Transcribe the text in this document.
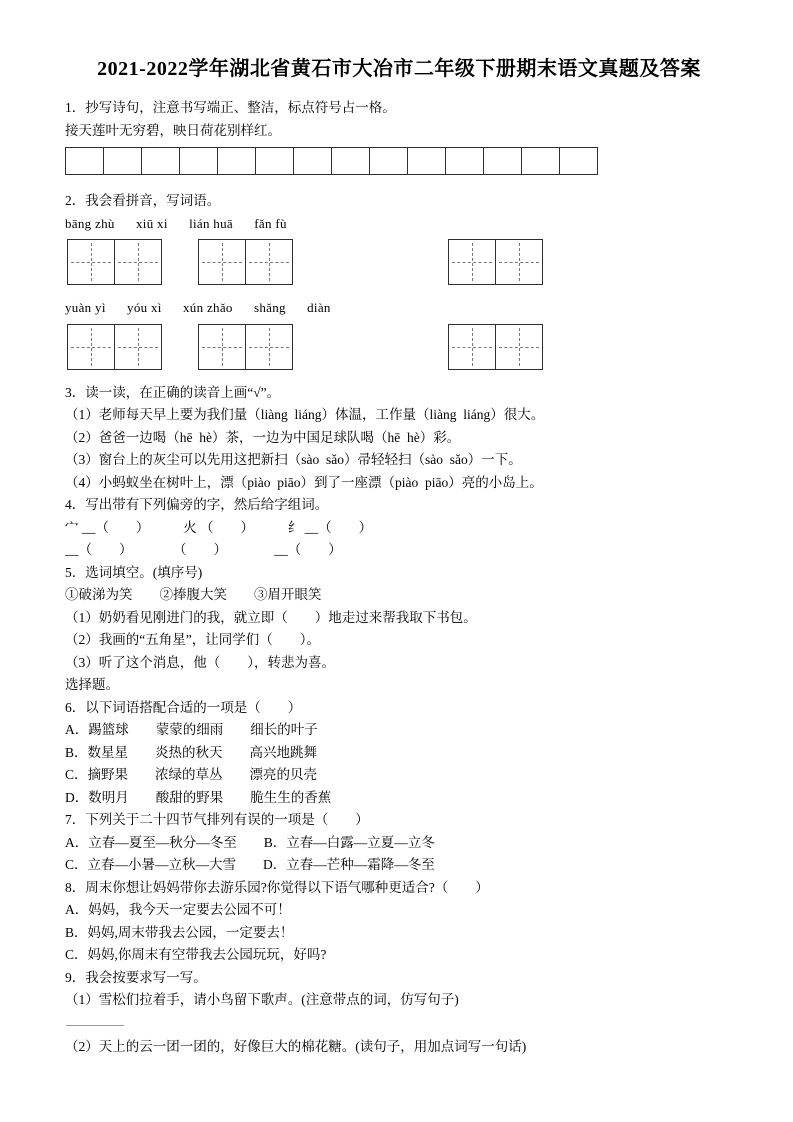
2021-2022学年湖北省黄石市大冶市二年级下册期末语文真题及答案

1．抄写诗句，注意书写端正、整洁，标点符号占一格。

接天莲叶无穷碧，映日荷花别样红。

2．我会看拼音，写词语。

bāng zhù      xiū xi      lián huā      fǎn fù

yuàn yì      yóu xì      xún zhǎo      shǎng      diàn

3．读一读，在正确的读音上画“√”。

（1）老师每天早上要为我们量（liàng  liáng）体温，工作量（liàng  liáng）很大。

（2）爸爸一边喝（hē  hè）茶，一边为中国足球队喝（hē  hè）彩。

（3）窗台上的灰尘可以先用这把新扫（sào  sǎo）帚轻轻扫（sào  sǎo）一下。

（4）小蚂蚁坐在树叶上，漂（piào  piāo）到了一座漂（piào  piāo）亮的小岛上。

4．写出带有下列偏旁的字，然后给字组词。

宀 __（　　）　　　火 （　　）　　　纟 __（　　）

__（　　）　　　　（　　）　　　　__（　　）

5．选词填空。(填序号)

①破涕为笑　　②捧腹大笑　　③眉开眼笑

（1）奶奶看见刚进门的我，就立即（　　）地走过来帮我取下书包。

（2）我画的“五角星”，让同学们（　　）。

（3）听了这个消息，他（　　），转悲为喜。

选择题。

6．以下词语搭配合适的一项是（　　）

A．踢篮球　　蒙蒙的细雨　　细长的叶子

B．数星星　　炎热的秋天　　高兴地跳舞

C．摘野果　　浓绿的草丛　　漂亮的贝壳

D．数明月　　酸甜的野果　　脆生生的香蕉

7．下列关于二十四节气排列有误的一项是（　　）

A．立春—夏至—秋分—冬至　　B．立春—白露—立夏—立冬

C．立春—小暑—立秋—大雪　　D．立春—芒种—霜降—冬至

8．周末你想让妈妈带你去游乐园?你觉得以下语气哪种更适合?（　　）

A．妈妈，我今天一定要去公园不可！

B．妈妈,周末带我去公园，一定要去！

C．妈妈,你周末有空带我去公园玩玩，好吗?

9．我会按要求写一写。

（1）雪松们拉着手，请小鸟留下歌声。(注意带点的词，仿写句子)

（2）天上的云一团一团的，好像巨大的棉花糖。(读句子，用加点词写一句话)
